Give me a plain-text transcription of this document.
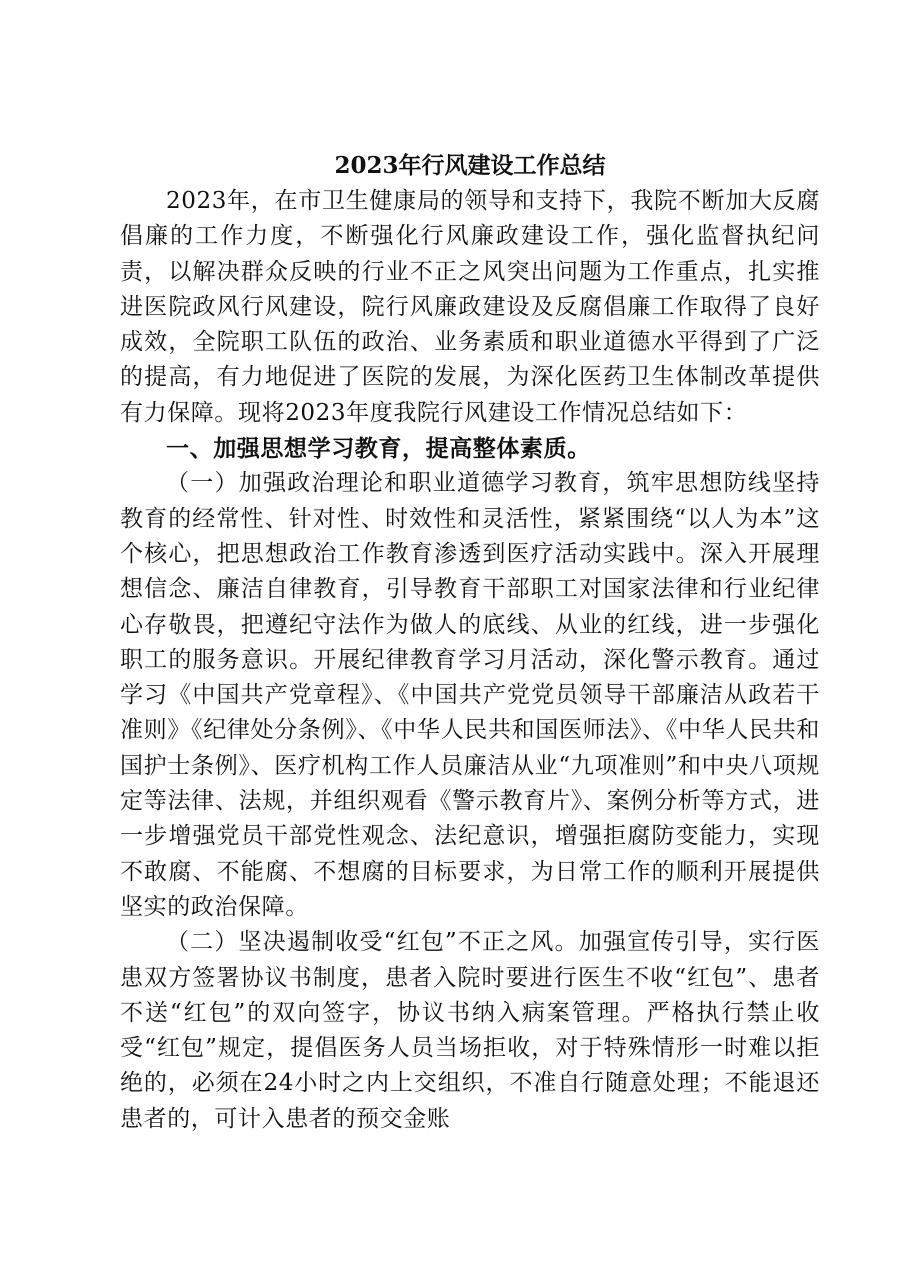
2023年行风建设工作总结

2023年，在市卫生健康局的领导和支持下，我院不断加大反腐倡廉的工作力度，不断强化行风廉政建设工作，强化监督执纪问责，以解决群众反映的行业不正之风突出问题为工作重点，扎实推进医院政风行风建设，院行风廉政建设及反腐倡廉工作取得了良好成效，全院职工队伍的政治、业务素质和职业道德水平得到了广泛的提高，有力地促进了医院的发展，为深化医药卫生体制改革提供有力保障。现将2023年度我院行风建设工作情况总结如下：

一、加强思想学习教育，提高整体素质。

（一）加强政治理论和职业道德学习教育，筑牢思想防线坚持教育的经常性、针对性、时效性和灵活性，紧紧围绕“以人为本”这个核心，把思想政治工作教育渗透到医疗活动实践中。深入开展理想信念、廉洁自律教育，引导教育干部职工对国家法律和行业纪律心存敬畏，把遵纪守法作为做人的底线、从业的红线，进一步强化职工的服务意识。开展纪律教育学习月活动，深化警示教育。通过学习《中国共产党章程》、《中国共产党党员领导干部廉洁从政若干准则》《纪律处分条例》、《中华人民共和国医师法》、《中华人民共和国护士条例》、医疗机构工作人员廉洁从业“九项准则”和中央八项规定等法律、法规，并组织观看《警示教育片》、案例分析等方式，进一步增强党员干部党性观念、法纪意识，增强拒腐防变能力，实现不敢腐、不能腐、不想腐的目标要求，为日常工作的顺利开展提供坚实的政治保障。

（二）坚决遏制收受“红包”不正之风。加强宣传引导，实行医患双方签署协议书制度，患者入院时要进行医生不收“红包”、患者不送“红包”的双向签字，协议书纳入病案管理。严格执行禁止收受“红包”规定，提倡医务人员当场拒收，对于特殊情形一时难以拒绝的，必须在24小时之内上交组织，不准自行随意处理；不能退还患者的，可计入患者的预交金账
